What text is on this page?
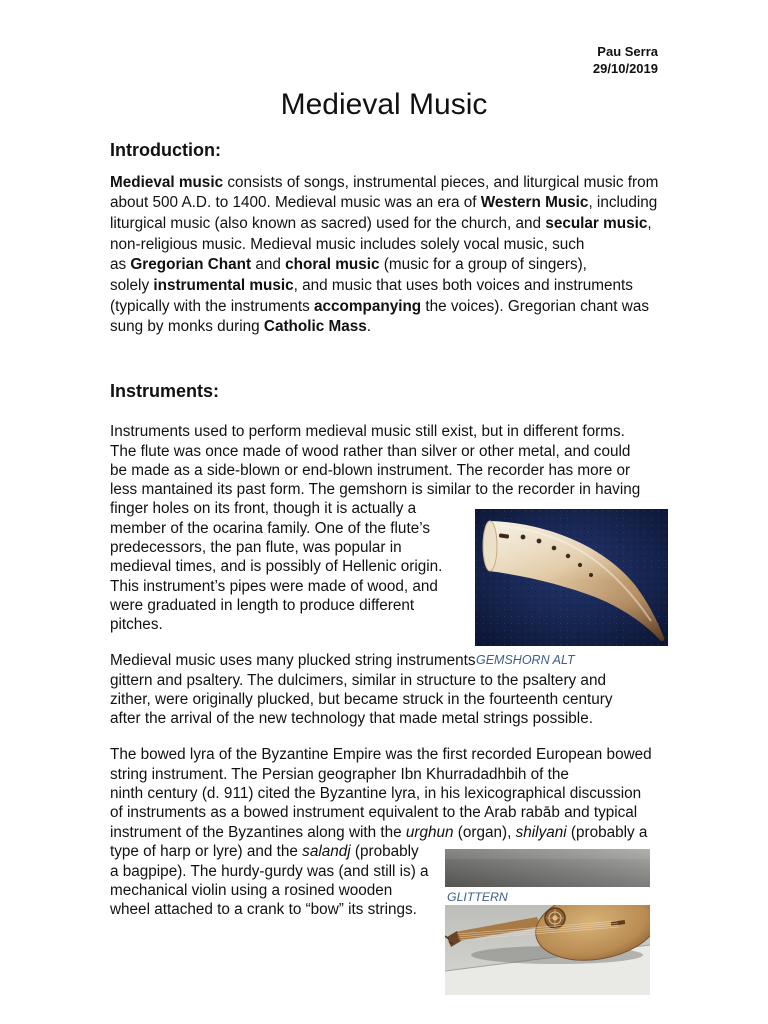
Pau Serra
29/10/2019
Medieval Music
Introduction:
Medieval music consists of songs, instrumental pieces, and liturgical music from
about 500 A.D. to 1400. Medieval music was an era of Western Music, including
liturgical music (also known as sacred) used for the church, and secular music,
non-religious music. Medieval music includes solely vocal music, such
as Gregorian Chant and choral music (music for a group of singers),
solely instrumental music, and music that uses both voices and instruments
(typically with the instruments accompanying the voices). Gregorian chant was
sung by monks during Catholic Mass.
Instruments:
Instruments used to perform medieval music still exist, but in different forms.
The flute was once made of wood rather than silver or other metal, and could
be made as a side-blown or end-blown instrument. The recorder has more or
less mantained its past form. The gemshorn is similar to the recorder in having
finger holes on its front, though it is actually a
member of the ocarina family. One of the flute’s
predecessors, the pan flute, was popular in
medieval times, and is possibly of Hellenic origin.
This instrument’s pipes were made of wood, and
were graduated in length to produce different
pitches.
Medieval music uses many plucked string instruments
gittern and psaltery. The dulcimers, similar in structure to the psaltery and
zither, were originally plucked, but became struck in the fourteenth century
after the arrival of the new technology that made metal strings possible.
The bowed lyra of the Byzantine Empire was the first recorded European bowed
string instrument. The Persian geographer Ibn Khurradadhbih of the
ninth century (d. 911) cited the Byzantine lyra, in his lexicographical discussion
of instruments as a bowed instrument equivalent to the Arab rabāb and typical
instrument of the Byzantines along with the urghun (organ), shilyani (probably a
type of harp or lyre) and the salandj (probably
a bagpipe). The hurdy-gurdy was (and still is) a
mechanical violin using a rosined wooden
wheel attached to a crank to “bow” its strings.
GEMSHORN ALT
GLITTERN
